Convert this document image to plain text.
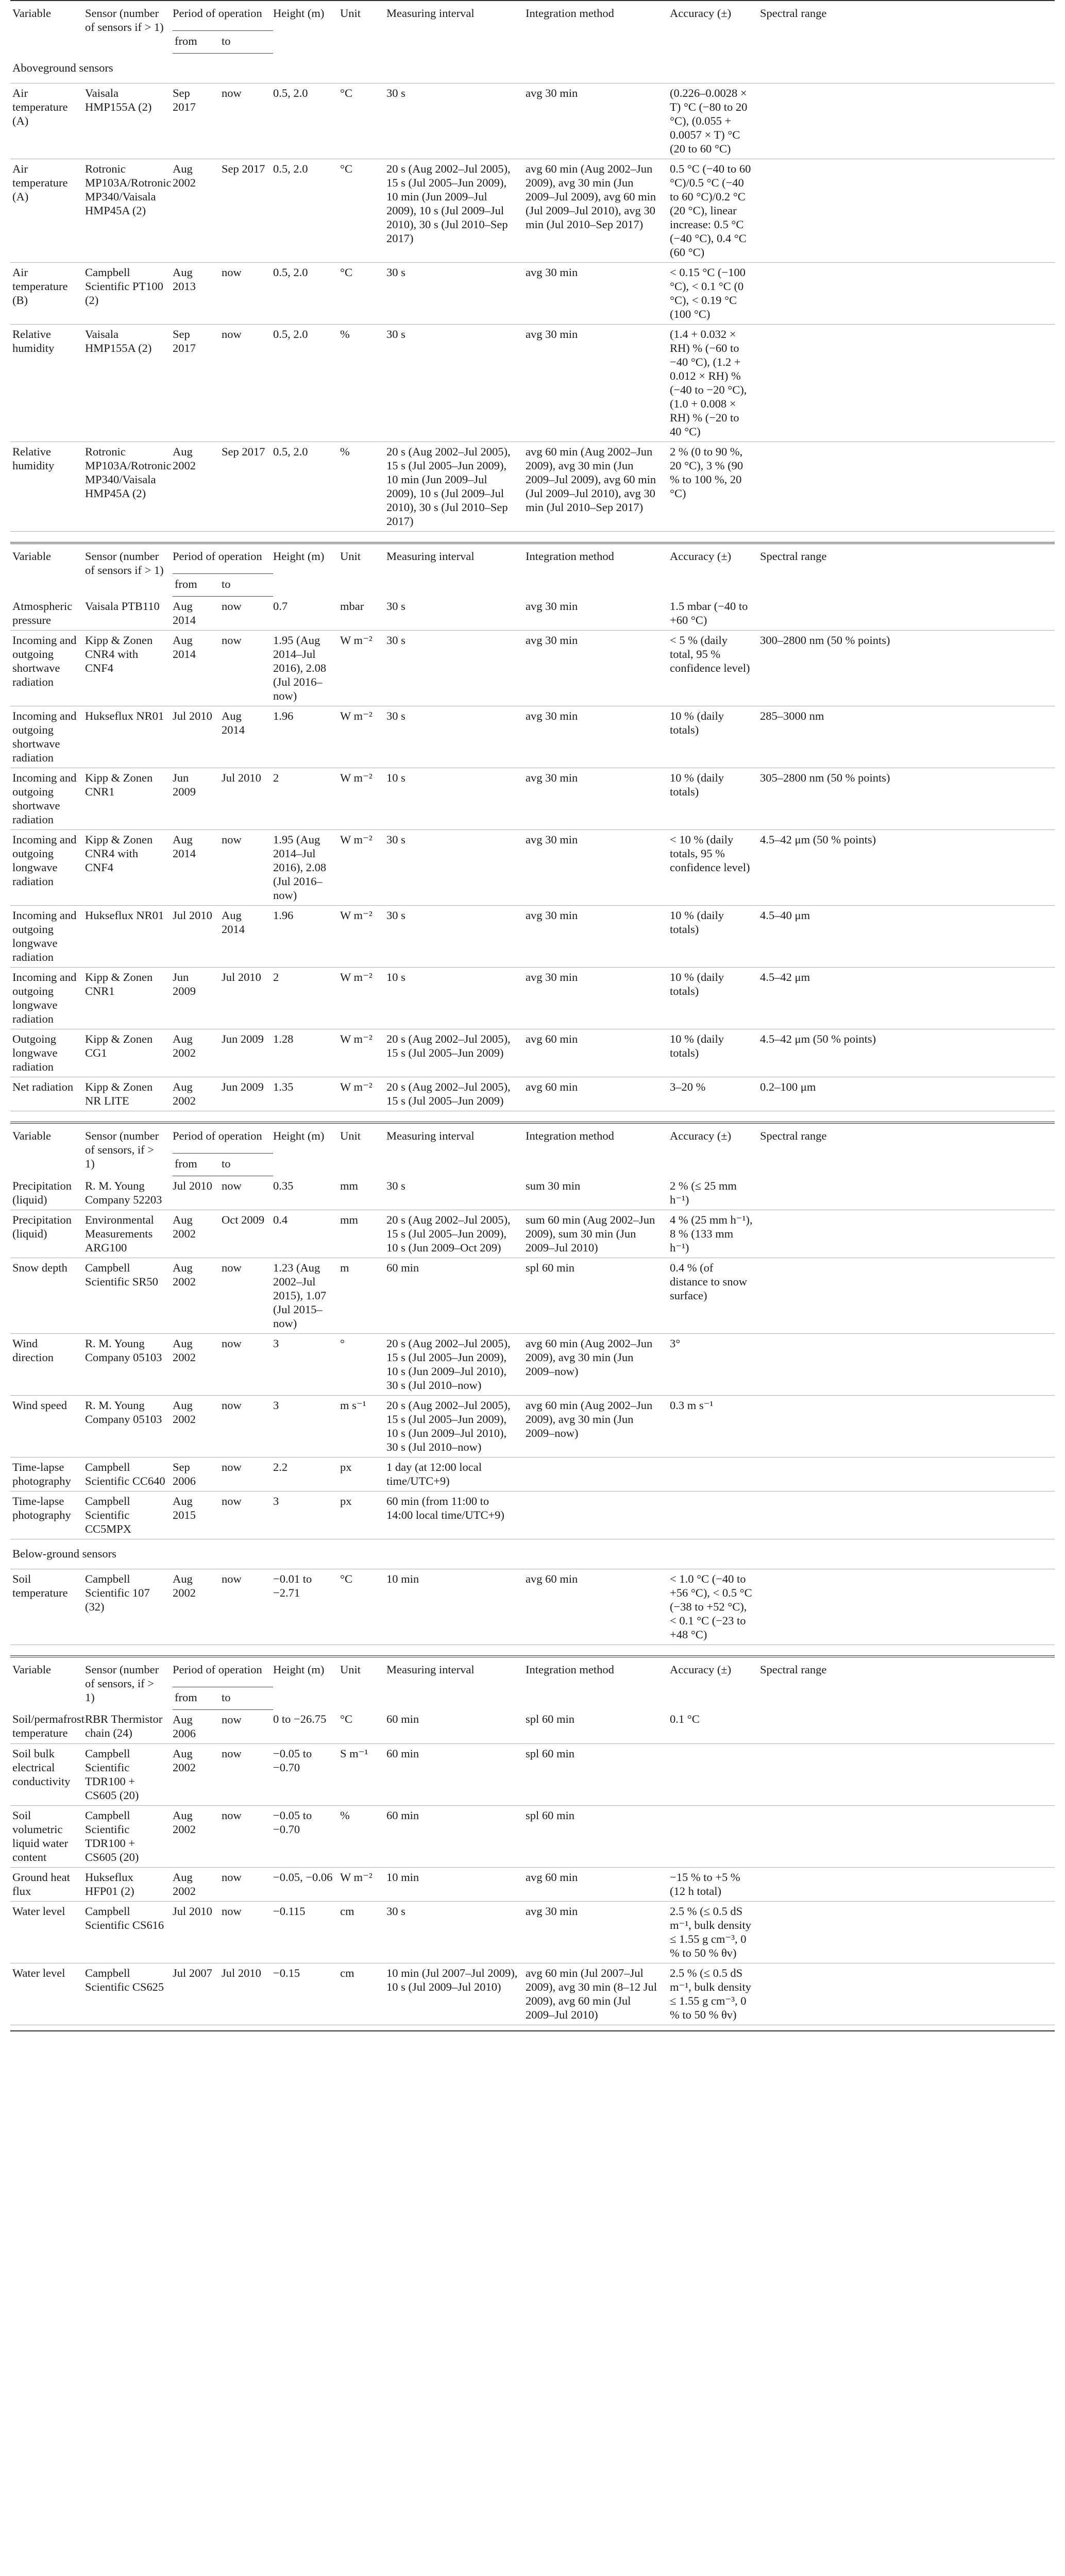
Variable	Sensor (number of sensors if > 1)	Period of operation		Height (m)	Unit	Measuring interval	Integration method	Accuracy (±)	Spectral range
		from	to						
Aboveground sensors									
Air temperature (A)	Vaisala HMP155A (2)	Sep 2017	now	0.5, 2.0	°C	30 s	avg 30 min	(0.226–0.0028 × T) °C (−80 to 20 °C), (0.055 + 0.0057 × T) °C (20 to 60 °C)	
Air temperature (A)	Rotronic MP103A/Rotronic MP340/Vaisala HMP45A (2)	Aug 2002	Sep 2017	0.5, 2.0	°C	20 s (Aug 2002–Jul 2005), 15 s (Jul 2005–Jun 2009), 10 min (Jun 2009–Jul 2009), 10 s (Jul 2009–Jul 2010), 30 s (Jul 2010–Sep 2017)	avg 60 min (Aug 2002–Jun 2009), avg 30 min (Jun 2009–Jul 2009), avg 60 min (Jul 2009–Jul 2010), avg 30 min (Jul 2010–Sep 2017)	0.5 °C (−40 to 60 °C)/0.5 °C (−40 to 60 °C)/0.2 °C (20 °C), linear increase: 0.5 °C (−40 °C), 0.4 °C (60 °C)	
Air temperature (B)	Campbell Scientific PT100 (2)	Aug 2013	now	0.5, 2.0	°C	30 s	avg 30 min	< 0.15 °C (−100 °C), < 0.1 °C (0 °C), < 0.19 °C (100 °C)	
Relative humidity	Vaisala HMP155A (2)	Sep 2017	now	0.5, 2.0	%	30 s	avg 30 min	(1.4 + 0.032 × RH) % (−60 to −40 °C), (1.2 + 0.012 × RH) % (−40 to −20 °C), (1.0 + 0.008 × RH) % (−20 to 40 °C)	
Relative humidity	Rotronic MP103A/Rotronic MP340/Vaisala HMP45A (2)	Aug 2002	Sep 2017	0.5, 2.0	%	20 s (Aug 2002–Jul 2005), 15 s (Jul 2005–Jun 2009), 10 min (Jun 2009–Jul 2009), 10 s (Jul 2009–Jul 2010), 30 s (Jul 2010–Sep 2017)	avg 60 min (Aug 2002–Jun 2009), avg 30 min (Jun 2009–Jul 2009), avg 60 min (Jul 2009–Jul 2010), avg 30 min (Jul 2010–Sep 2017)	2 % (0 to 90 %, 20 °C), 3 % (90 % to 100 %, 20 °C)	
Variable	Sensor (number of sensors if > 1)	Period of operation		Height (m)	Unit	Measuring interval	Integration method	Accuracy (±)	Spectral range
		from	to						
Atmospheric pressure	Vaisala PTB110	Aug 2014	now	0.7	mbar	30 s	avg 30 min	1.5 mbar (−40 to +60 °C)	
Incoming and outgoing shortwave radiation	Kipp & Zonen CNR4 with CNF4	Aug 2014	now	1.95 (Aug 2014–Jul 2016), 2.08 (Jul 2016–now)	W m⁻²	30 s	avg 30 min	< 5 % (daily total, 95 % confidence level)	300–2800 nm (50 % points)
Incoming and outgoing shortwave radiation	Hukseflux NR01	Jul 2010	Aug 2014	1.96	W m⁻²	30 s	avg 30 min	10 % (daily totals)	285–3000 nm
Incoming and outgoing shortwave radiation	Kipp & Zonen CNR1	Jun 2009	Jul 2010	2	W m⁻²	10 s	avg 30 min	10 % (daily totals)	305–2800 nm (50 % points)
Incoming and outgoing longwave radiation	Kipp & Zonen CNR4 with CNF4	Aug 2014	now	1.95 (Aug 2014–Jul 2016), 2.08 (Jul 2016–now)	W m⁻²	30 s	avg 30 min	< 10 % (daily totals, 95 % confidence level)	4.5–42 μm (50 % points)
Incoming and outgoing longwave radiation	Hukseflux NR01	Jul 2010	Aug 2014	1.96	W m⁻²	30 s	avg 30 min	10 % (daily totals)	4.5–40 μm
Incoming and outgoing longwave radiation	Kipp & Zonen CNR1	Jun 2009	Jul 2010	2	W m⁻²	10 s	avg 30 min	10 % (daily totals)	4.5–42 μm
Outgoing longwave radiation	Kipp & Zonen CG1	Aug 2002	Jun 2009	1.28	W m⁻²	20 s (Aug 2002–Jul 2005), 15 s (Jul 2005–Jun 2009)	avg 60 min	10 % (daily totals)	4.5–42 μm (50 % points)
Net radiation	Kipp & Zonen NR LITE	Aug 2002	Jun 2009	1.35	W m⁻²	20 s (Aug 2002–Jul 2005), 15 s (Jul 2005–Jun 2009)	avg 60 min	3–20 %	0.2–100 μm
Variable	Sensor (number of sensors, if > 1)	Period of operation		Height (m)	Unit	Measuring interval	Integration method	Accuracy (±)	Spectral range
		from	to						
Precipitation (liquid)	R. M. Young Company 52203	Jul 2010	now	0.35	mm	30 s	sum 30 min	2 % (≤ 25 mm h⁻¹)	
Precipitation (liquid)	Environmental Measurements ARG100	Aug 2002	Oct 2009	0.4	mm	20 s (Aug 2002–Jul 2005), 15 s (Jul 2005–Jun 2009), 10 s (Jun 2009–Oct 209)	sum 60 min (Aug 2002–Jun 2009), sum 30 min (Jun 2009–Jul 2010)	4 % (25 mm h⁻¹), 8 % (133 mm h⁻¹)	
Snow depth	Campbell Scientific SR50	Aug 2002	now	1.23 (Aug 2002–Jul 2015), 1.07 (Jul 2015–now)	m	60 min	spl 60 min	0.4 % (of distance to snow surface)	
Wind direction	R. M. Young Company 05103	Aug 2002	now	3	°	20 s (Aug 2002–Jul 2005), 15 s (Jul 2005–Jun 2009), 10 s (Jun 2009–Jul 2010), 30 s (Jul 2010–now)	avg 60 min (Aug 2002–Jun 2009), avg 30 min (Jun 2009–now)	3°	
Wind speed	R. M. Young Company 05103	Aug 2002	now	3	m s⁻¹	20 s (Aug 2002–Jul 2005), 15 s (Jul 2005–Jun 2009), 10 s (Jun 2009–Jul 2010), 30 s (Jul 2010–now)	avg 60 min (Aug 2002–Jun 2009), avg 30 min (Jun 2009–now)	0.3 m s⁻¹	
Time-lapse photography	Campbell Scientific CC640	Sep 2006	now	2.2	px	1 day (at 12:00 local time/UTC+9)			
Time-lapse photography	Campbell Scientific CC5MPX	Aug 2015	now	3	px	60 min (from 11:00 to 14:00 local time/UTC+9)			
Below-ground sensors									
Soil temperature	Campbell Scientific 107 (32)	Aug 2002	now	−0.01 to −2.71	°C	10 min	avg 60 min	< 1.0 °C (−40 to +56 °C), < 0.5 °C (−38 to +52 °C), < 0.1 °C (−23 to +48 °C)	
Variable	Sensor (number of sensors, if > 1)	Period of operation		Height (m)	Unit	Measuring interval	Integration method	Accuracy (±)	Spectral range
		from	to						
Soil/permafrost temperature	RBR Thermistor chain (24)	Aug 2006	now	0 to −26.75	°C	60 min	spl 60 min	0.1 °C	
Soil bulk electrical conductivity	Campbell Scientific TDR100 + CS605 (20)	Aug 2002	now	−0.05 to −0.70	S m⁻¹	60 min	spl 60 min		
Soil volumetric liquid water content	Campbell Scientific TDR100 + CS605 (20)	Aug 2002	now	−0.05 to −0.70	%	60 min	spl 60 min		
Ground heat flux	Hukseflux HFP01 (2)	Aug 2002	now	−0.05, −0.06	W m⁻²	10 min	avg 60 min	−15 % to +5 % (12 h total)	
Water level	Campbell Scientific CS616	Jul 2010	now	−0.115	cm	30 s	avg 30 min	2.5 % (≤ 0.5 dS m⁻¹, bulk density ≤ 1.55 g cm⁻³, 0 % to 50 % θv)	
Water level	Campbell Scientific CS625	Jul 2007	Jul 2010	−0.15	cm	10 min (Jul 2007–Jul 2009), 10 s (Jul 2009–Jul 2010)	avg 60 min (Jul 2007–Jul 2009), avg 30 min (8–12 Jul 2009), avg 60 min (Jul 2009–Jul 2010)	2.5 % (≤ 0.5 dS m⁻¹, bulk density ≤ 1.55 g cm⁻³, 0 % to 50 % θv)	
